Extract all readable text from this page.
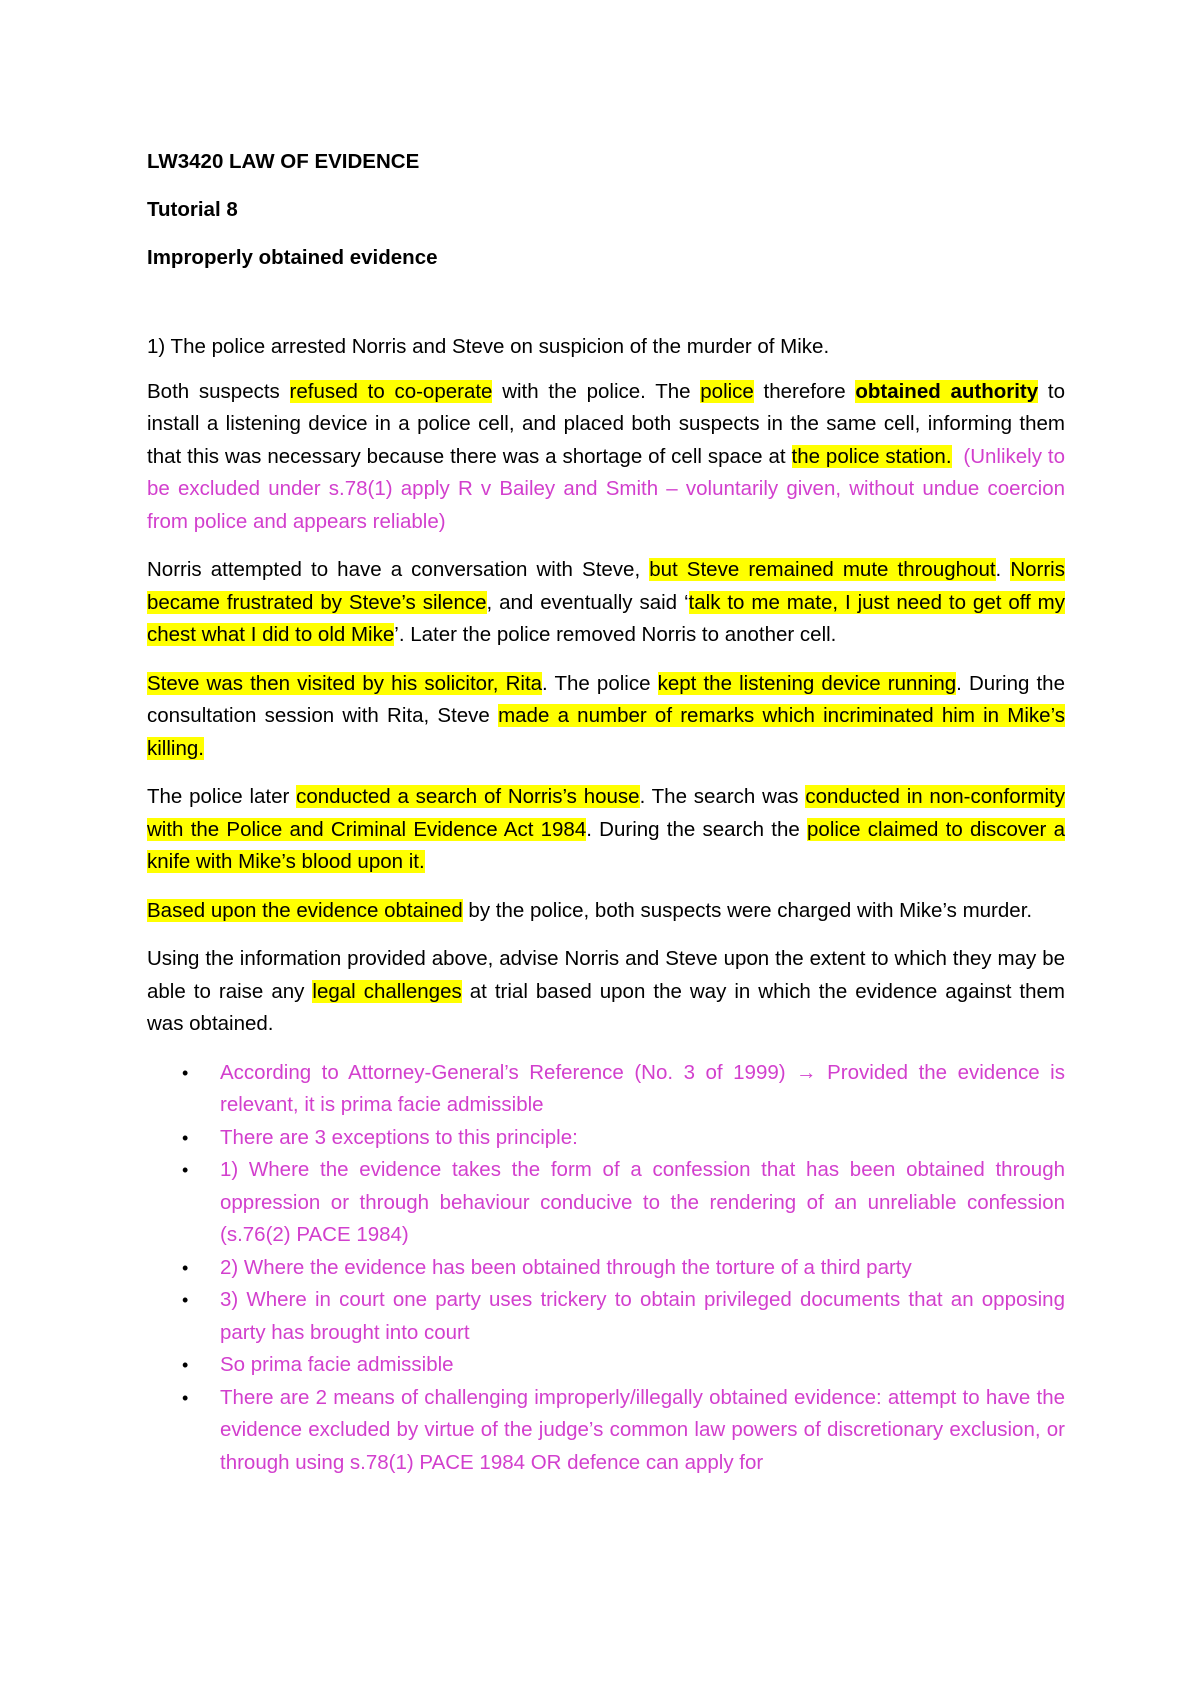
LW3420 LAW OF EVIDENCE
Tutorial 8
Improperly obtained evidence

1) The police arrested Norris and Steve on suspicion of the murder of Mike.

Both suspects refused to co-operate with the police. The police therefore obtained authority to install a listening device in a police cell, and placed both suspects in the same cell, informing them that this was necessary because there was a shortage of cell space at the police station. (Unlikely to be excluded under s.78(1) apply R v Bailey and Smith – voluntarily given, without undue coercion from police and appears reliable)

Norris attempted to have a conversation with Steve, but Steve remained mute throughout. Norris became frustrated by Steve’s silence, and eventually said ‘talk to me mate, I just need to get off my chest what I did to old Mike’. Later the police removed Norris to another cell.

Steve was then visited by his solicitor, Rita. The police kept the listening device running. During the consultation session with Rita, Steve made a number of remarks which incriminated him in Mike’s killing.

The police later conducted a search of Norris’s house. The search was conducted in non-conformity with the Police and Criminal Evidence Act 1984. During the search the police claimed to discover a knife with Mike’s blood upon it.

Based upon the evidence obtained by the police, both suspects were charged with Mike’s murder.

Using the information provided above, advise Norris and Steve upon the extent to which they may be able to raise any legal challenges at trial based upon the way in which the evidence against them was obtained.

• According to Attorney-General’s Reference (No. 3 of 1999) → Provided the evidence is relevant, it is prima facie admissible
• There are 3 exceptions to this principle:
• 1) Where the evidence takes the form of a confession that has been obtained through oppression or through behaviour conducive to the rendering of an unreliable confession (s.76(2) PACE 1984)
• 2) Where the evidence has been obtained through the torture of a third party
• 3) Where in court one party uses trickery to obtain privileged documents that an opposing party has brought into court
• So prima facie admissible
• There are 2 means of challenging improperly/illegally obtained evidence: attempt to have the evidence excluded by virtue of the judge’s common law powers of discretionary exclusion, or through using s.78(1) PACE 1984 OR defence can apply for
